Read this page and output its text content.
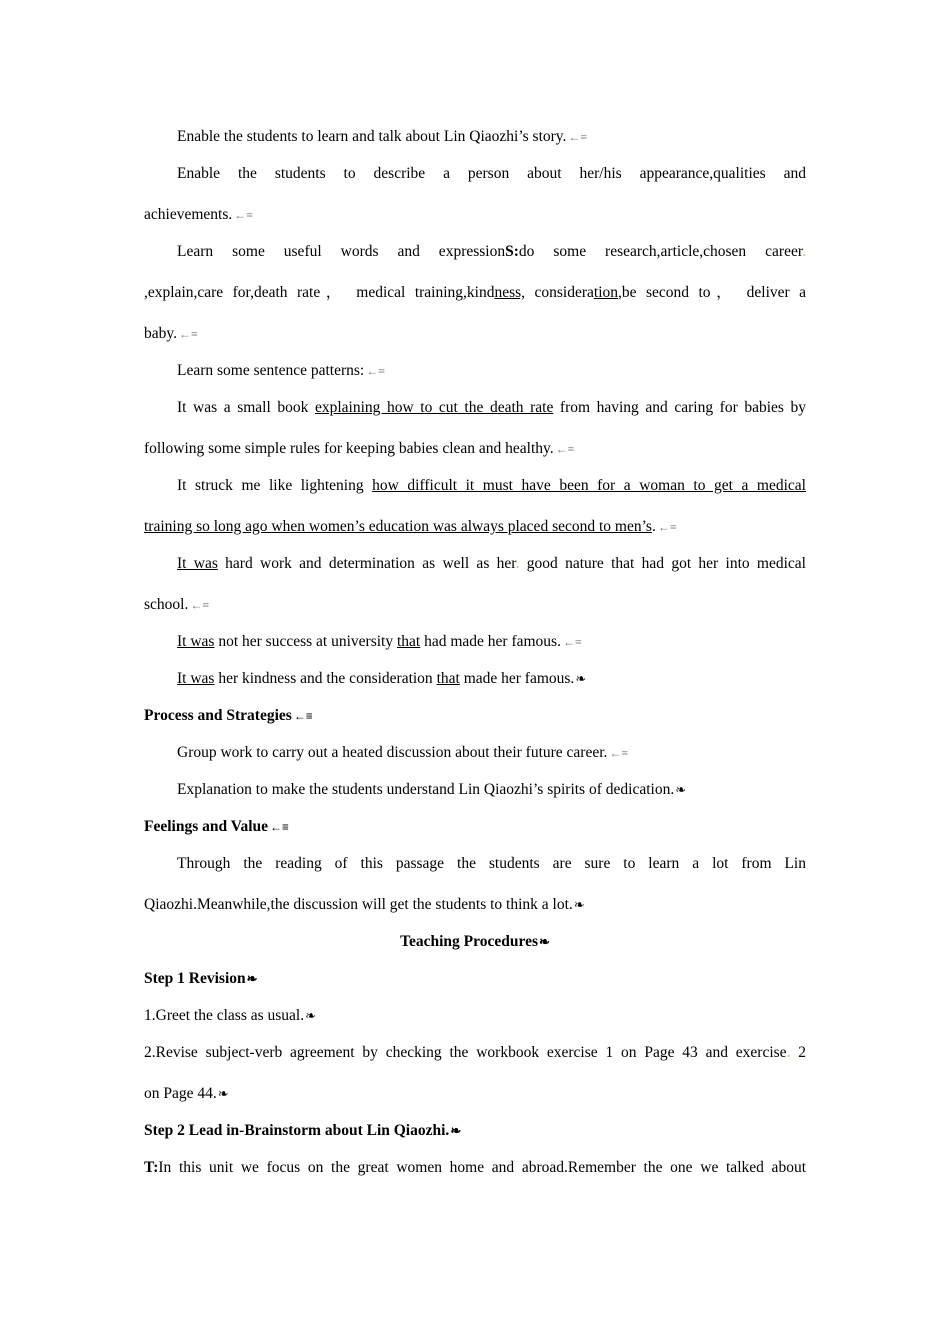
Enable the students to learn and talk about Lin Qiaozhi’s story. ←≡
Enable the students to describe a person about her/his appearance,qualities and
achievements. ←≡
Learn some useful words and expressionS:do some research,article,chosen career.
,explain,care for,death rate， medical training,kindness, consideration,be second to， deliver a
baby. ←≡
Learn some sentence patterns: ←≡
It was a small book explaining how to cut the death rate from having and caring for babies by
following some simple rules for keeping babies clean and healthy. ←≡
It struck me like lightening how difficult it must have been for a woman to get a medical
training so long ago when women’s education was always placed second to men’s. ←≡
It was hard work and determination as well as her. good nature that had got her into medical
school. ←≡
It was not her success at university that had made her famous. ←≡
It was her kindness and the consideration that made her famous.❧
Process and Strategies ←≡
Group work to carry out a heated discussion about their future career. ←≡
Explanation to make the students understand Lin Qiaozhi’s spirits of dedication.❧
Feelings and Value ←≡
Through the reading of this passage the students are sure to learn a lot from Lin
Qiaozhi.Meanwhile,the discussion will get the students to think a lot.❧
Teaching Procedures❧
Step 1 Revision❧
1.Greet the class as usual.❧
2.Revise subject-verb agreement by checking the workbook exercise 1 on Page 43 and exercise. 2
on Page 44.❧
Step 2 Lead in-Brainstorm about Lin Qiaozhi.❧
T:In this unit we focus on the great women home and abroad.Remember the one we talked about
